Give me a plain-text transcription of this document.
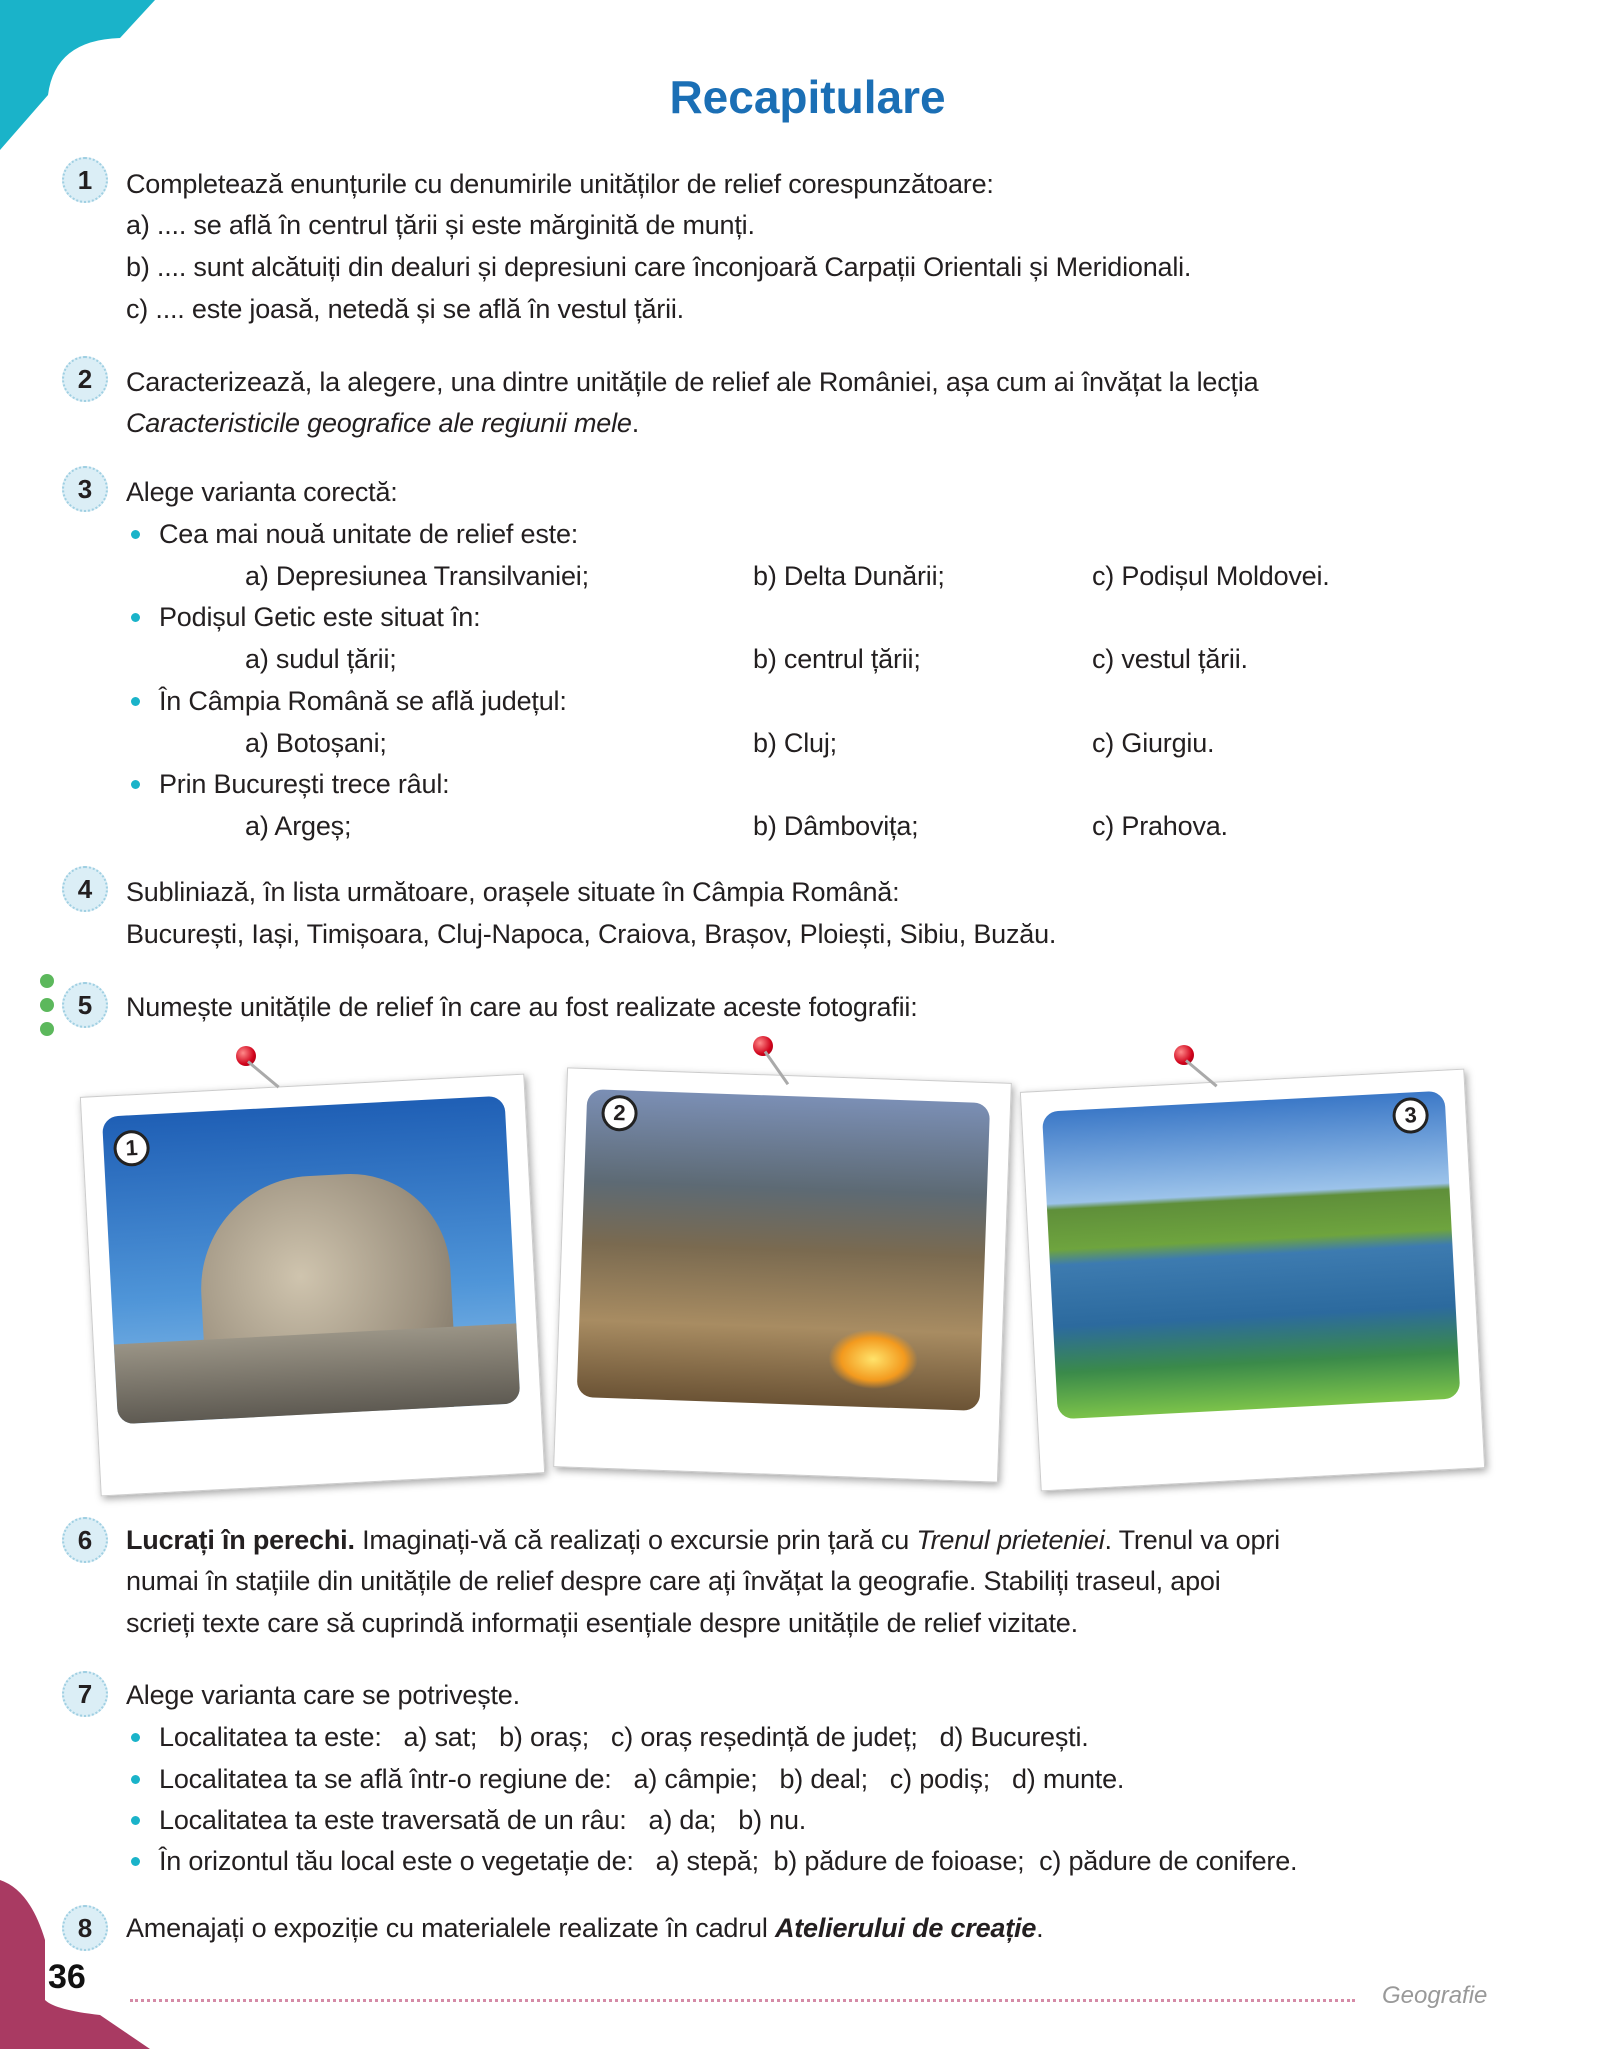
Recapitulare
1	Completează enunțurile cu denumirile unităților de relief corespunzătoare:
a) .... se află în centrul țării și este mărginită de munți.
b) .... sunt alcătuiți din dealuri și depresiuni care înconjoară Carpații Orientali și Meridionali.
c) .... este joasă, netedă și se află în vestul țării.
2	Caracterizează, la alegere, una dintre unitățile de relief ale României, așa cum ai învățat la lecția
Caracteristicile geografice ale regiunii mele.
3	Alege varianta corectă:
Cea mai nouă unitate de relief este:
a) Depresiunea Transilvaniei;	b) Delta Dunării;	c) Podișul Moldovei.
Podișul Getic este situat în:
a) sudul țării;	b) centrul țării;	c) vestul țării.
În Câmpia Română se află județul:
a) Botoșani;	b) Cluj;	c) Giurgiu.
Prin București trece râul:
a) Argeș;	b) Dâmbovița;	c) Prahova.
4	Subliniază, în lista următoare, orașele situate în Câmpia Română:
București, Iași, Timișoara, Cluj-Napoca, Craiova, Brașov, Ploiești, Sibiu, Buzău.
5	Numește unitățile de relief în care au fost realizate aceste fotografii:
1
2	3
6	Lucrați în perechi. Imaginați-vă că realizați o excursie prin țară cu Trenul prieteniei. Trenul va opri
numai în stațiile din unitățile de relief despre care ați învățat la geografie. Stabiliți traseul, apoi
scrieți texte care să cuprindă informații esențiale despre unitățile de relief vizitate.
7	Alege varianta care se potrivește.
Localitatea ta este:   a) sat;   b) oraș;   c) oraș reședință de județ;   d) București.
Localitatea ta se află într-o regiune de:   a) câmpie;   b) deal;   c) podiș;   d) munte.
Localitatea ta este traversată de un râu:   a) da;   b) nu.
În orizontul tău local este o vegetație de:   a) stepă;  b) pădure de foioase;  c) pădure de conifere.
8	Amenajați o expoziție cu materialele realizate în cadrul Atelierului de creație.
36	Geografie
